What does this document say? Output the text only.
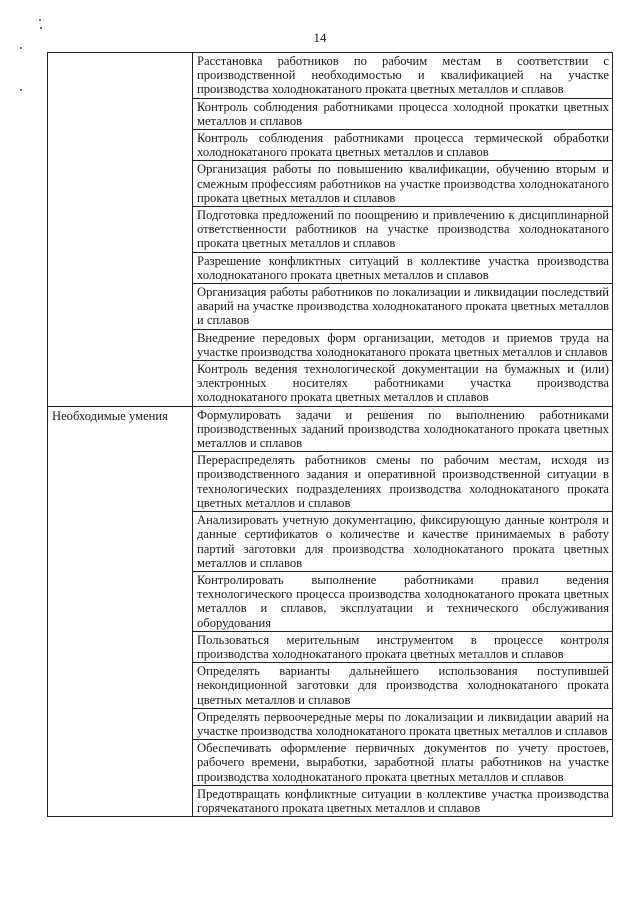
14
	Расстановка работников по рабочим местам в соответствии с производственной необходимостью и квалификацией на участке производства холоднокатаного проката цветных металлов и сплавов
	Контроль соблюдения работниками процесса холодной прокатки цветных металлов и сплавов
	Контроль соблюдения работниками процесса термической обработки холоднокатаного проката цветных металлов и сплавов
	Организация работы по повышению квалификации, обучению вторым и смежным профессиям работников на участке производства холоднокатаного проката цветных металлов и сплавов
	Подготовка предложений по поощрению и привлечению к дисциплинарной ответственности работников на участке производства холоднокатаного проката цветных металлов и сплавов
	Разрешение конфликтных ситуаций в коллективе участка производства холоднокатаного проката цветных металлов и сплавов
	Организация работы работников по локализации и ликвидации последствий аварий на участке производства холоднокатаного проката цветных металлов и сплавов
	Внедрение передовых форм организации, методов и приемов труда на участке производства холоднокатаного проката цветных металлов и сплавов
	Контроль ведения технологической документации на бумажных и (или) электронных носителях работниками участка производства холоднокатаного проката цветных металлов и сплавов
Необходимые умения	Формулировать задачи и решения по выполнению работниками производственных заданий производства холоднокатаного проката цветных металлов и сплавов
	Перераспределять работников смены по рабочим местам, исходя из производственного задания и оперативной производственной ситуации в технологических подразделениях производства холоднокатаного проката цветных металлов и сплавов
	Анализировать учетную документацию, фиксирующую данные контроля и данные сертификатов о количестве и качестве принимаемых в работу партий заготовки для производства холоднокатаного проката цветных металлов и сплавов
	Контролировать выполнение работниками правил ведения технологического процесса производства холоднокатаного проката цветных металлов и сплавов, эксплуатации и технического обслуживания оборудования
	Пользоваться мерительным инструментом в процессе контроля производства холоднокатаного проката цветных металлов и сплавов
	Определять варианты дальнейшего использования поступившей некондиционной заготовки для производства холоднокатаного проката цветных металлов и сплавов
	Определять первоочередные меры по локализации и ликвидации аварий на участке производства холоднокатаного проката цветных металлов и сплавов
	Обеспечивать оформление первичных документов по учету простоев, рабочего времени, выработки, заработной платы работников на участке производства холоднокатаного проката цветных металлов и сплавов
	Предотвращать конфликтные ситуации в коллективе участка производства горячекатаного проката цветных металлов и сплавов
